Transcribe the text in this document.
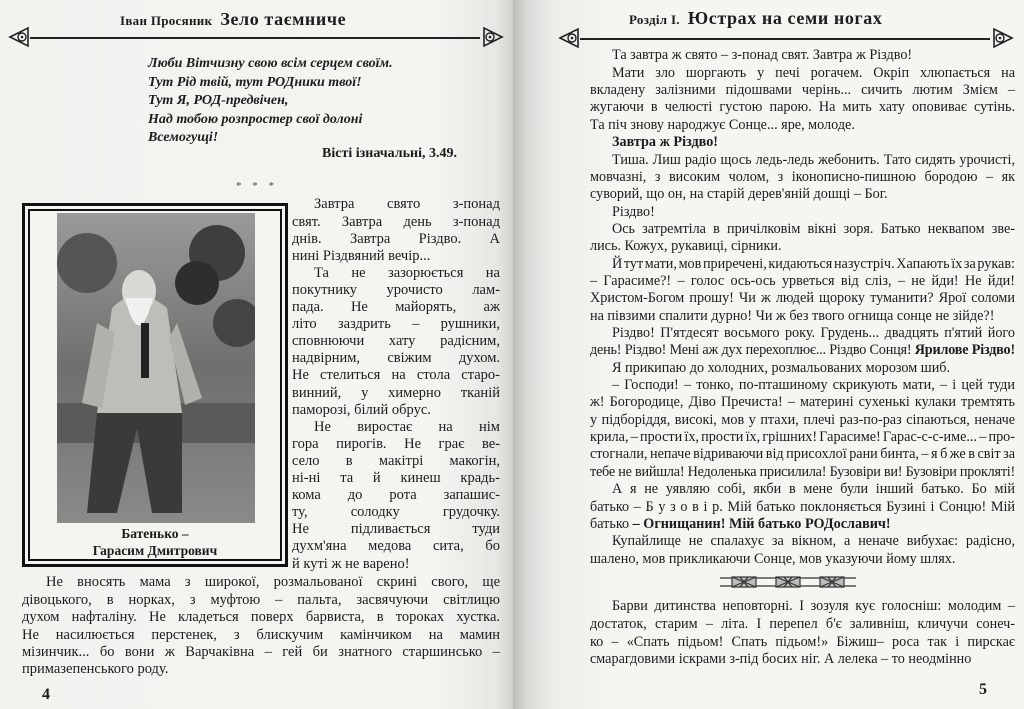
Іван Просяник Зело таємниче
Люби Вітчизну свою всім серцем своїм.
Тут Рід твій, тут РОДники твої!
Тут Я, РОД-предвічен,
Над тобою розпростер свої долоні
Всемогущі!
Вісті ізначальні, 3.49.
* * *
Батенько –
Гарасим Дмитрович
Завтра свято з-понад
свят. Завтра день з-понад
днів. Завтра Різдво. А
нині Різдвяний вечір...
Та не зазорюється на
покутнику урочисто лам-
пада. Не майорять, аж
літо заздрить – рушники,
сповнюючи хату радісним,
надвірним, свіжим духом.
Не стелиться на стола старо-
винний, у химерно тканій
паморозі, білий обрус.
Не виростає на нім
гора пирогів. Не грає ве-
село в макітрі макогін,
ні-ні та й кинеш крадь-
кома до рота запашис-
ту, солодку грудочку.
Не підливається туди
духм'яна медова сита, бо
й куті ж не варено!
Не вносять мама з широкої, розмальованої скрині свого, ще
дівоцького, в норках, з муфтою – пальта, засвячуючи світлицю
духом нафталіну. Не кладеться поверх барвиста, в тороках хустка.
Не насилюється перстенек, з блискучим камінчиком на мамин
мізинчик... бо вони ж Варчаківна – гей би знатного старшинсько –
примазепенського роду.
4
Розділ І. Юстрах на семи ногах
Та завтра ж свято – з-понад свят. Завтра ж Різдво!
Мати зло шоргають у печі рогачем. Окріп хлюпається на
вкладену залізними підошвами черінь... сичить лютим Змієм –
жугаючи в челюсті густою парою. На мить хату оповиває сутінь.
Та піч знову народжує Сонце... яре, молоде.
Завтра ж Різдво!
Тиша. Лиш радіо щось ледь-ледь жебонить. Тато сидять урочисті,
мовчазні, з високим чолом, з іконописно-пишною бородою – як
суворий, що он, на старій дерев'яній дошці – Бог.
Різдво!
Ось затремтіла в причілковім вікні зоря. Батько неквапом зве-
лись. Кожух, рукавиці, сірники.
Й тут мати, мов приречені, кидаються назустріч. Хапають їх за рукав:
– Гарасиме?! – голос ось-ось урветься від сліз, – не йди! Не йди!
Христом-Богом прошу! Чи ж людей щороку туманити? Ярої соломи
на півзими спалити дурно! Чи ж без твого огнища сонце не зійде?!
Різдво! П'ятдесят восьмого року. Грудень... двадцять п'ятий його
день! Різдво! Мені аж дух перехоплює... Різдво Сонця! Ярилове Різдво!
Я прикипаю до холодних, розмальованих морозом шиб.
– Господи! – тонко, по-пташиному скрикують мати, – і цей туди
ж! Богородице, Діво Пречиста! – материні сухенькі кулаки тремтять
у підборіддя, високі, мов у птахи, плечі раз-по-раз сіпаються, неначе
крила, – прости їх, прости їх, грішних! Гарасиме! Гарас-с-с-име... – про-
стогнали, непаче відриваючи від присохлої рани бинта, – я б же в світ за
тебе не вийшла! Недоленька присилила! Бузовіри ви! Бузовіри прокляті!
А я не уявляю собі, якби в мене були інший батько. Бо мій
батько – Б у з о в і р. Мій батько поклоняється Бузині і Сонцю! Мій
батько – Огнищанин! Мій батько РОДославич!
Купайлище не спалахує за вікном, а неначе вибухає: радісно,
шалено, мов прикликаючи Сонце, мов указуючи йому шлях.
Барви дитинства неповторні. І зозуля кує голосніш: молодим –
достаток, старим – літа. І перепел б'є заливніш, кличучи сонеч-
ко – «Спать підьом! Спать підьом!» Біжиш– роса так і пирскає
смарагдовими іскрами з-під босих ніг. А лелека – то неодмінно
5
